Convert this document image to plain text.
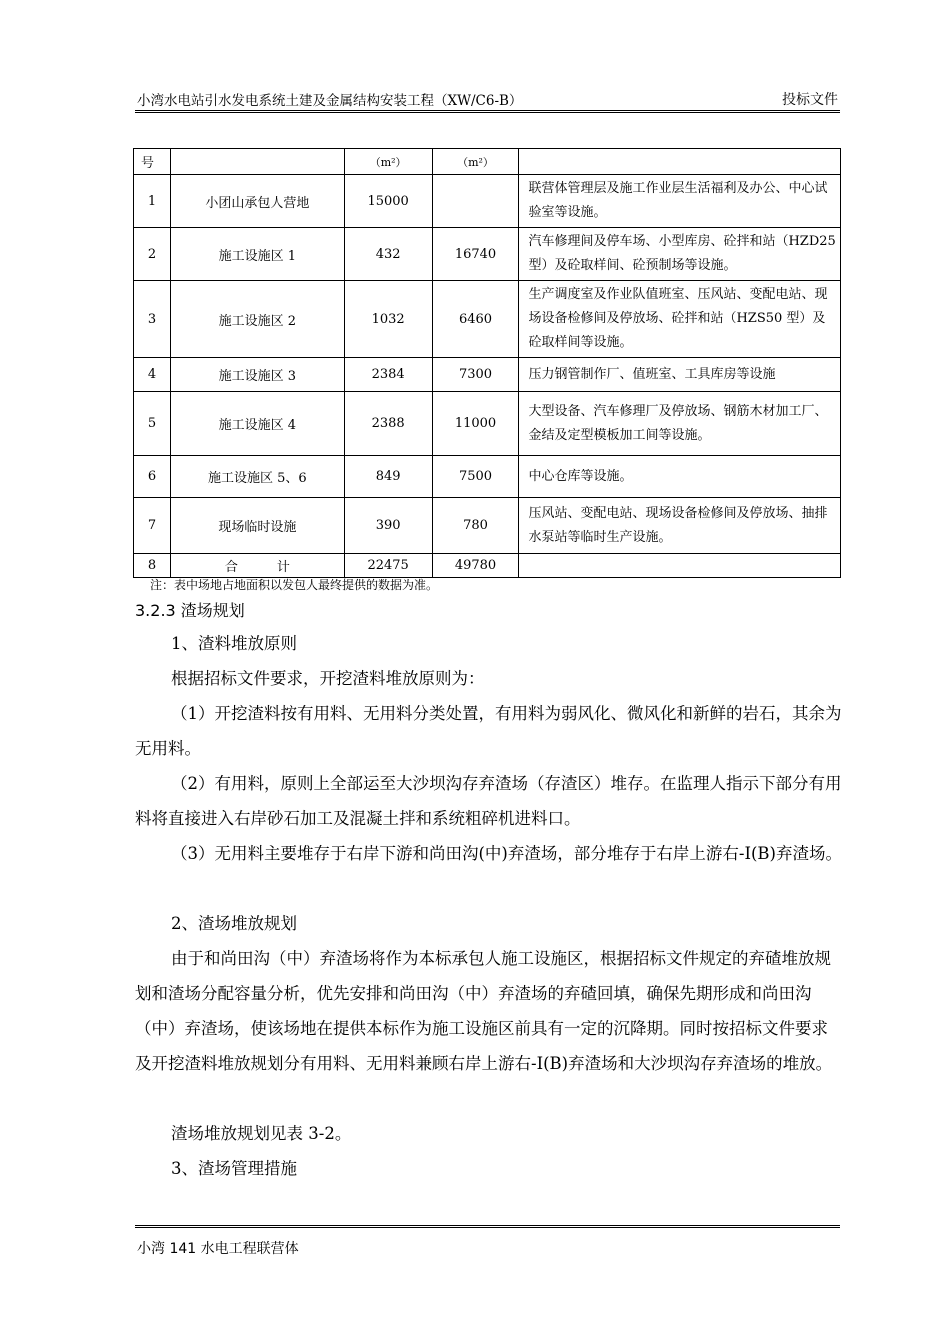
小湾水电站引水发电系统土建及金属结构安装工程（XW/C6-B）	投标文件
号		（m²）	（m²）	
1	小团山承包人营地	15000		联营体管理层及施工作业层生活福利及办公、中心试验室等设施。
2	施工设施区 1	432	16740	汽车修理间及停车场、小型库房、砼拌和站（HZD25 型）及砼取样间、砼预制场等设施。
3	施工设施区 2	1032	6460	生产调度室及作业队值班室、压风站、变配电站、现场设备检修间及停放场、砼拌和站（HZS50 型）及砼取样间等设施。
4	施工设施区 3	2384	7300	压力钢管制作厂、值班室、工具库房等设施
5	施工设施区 4	2388	11000	大型设备、汽车修理厂及停放场、钢筋木材加工厂、金结及定型模板加工间等设施。
6	施工设施区 5、6	849	7500	中心仓库等设施。
7	现场临时设施	390	780	压风站、变配电站、现场设备检修间及停放场、抽排水泵站等临时生产设施。
8	合　　　计	22475	49780	
注：表中场地占地面积以发包人最终提供的数据为准。
3.2.3 渣场规划
1、渣料堆放原则
根据招标文件要求，开挖渣料堆放原则为：
（1）开挖渣料按有用料、无用料分类处置，有用料为弱风化、微风化和新鲜的岩石，其余为无用料。
（2）有用料，原则上全部运至大沙坝沟存弃渣场（存渣区）堆存。在监理人指示下部分有用料将直接进入右岸砂石加工及混凝土拌和系统粗碎机进料口。
（3）无用料主要堆存于右岸下游和尚田沟(中)弃渣场，部分堆存于右岸上游右-Ⅰ(B)弃渣场。
2、渣场堆放规划
由于和尚田沟（中）弃渣场将作为本标承包人施工设施区，根据招标文件规定的弃碴堆放规划和渣场分配容量分析，优先安排和尚田沟（中）弃渣场的弃碴回填，确保先期形成和尚田沟（中）弃渣场，使该场地在提供本标作为施工设施区前具有一定的沉降期。同时按招标文件要求及开挖渣料堆放规划分有用料、无用料兼顾右岸上游右-Ⅰ(B)弃渣场和大沙坝沟存弃渣场的堆放。
渣场堆放规划见表 3-2。
3、渣场管理措施
小湾 141 水电工程联营体
